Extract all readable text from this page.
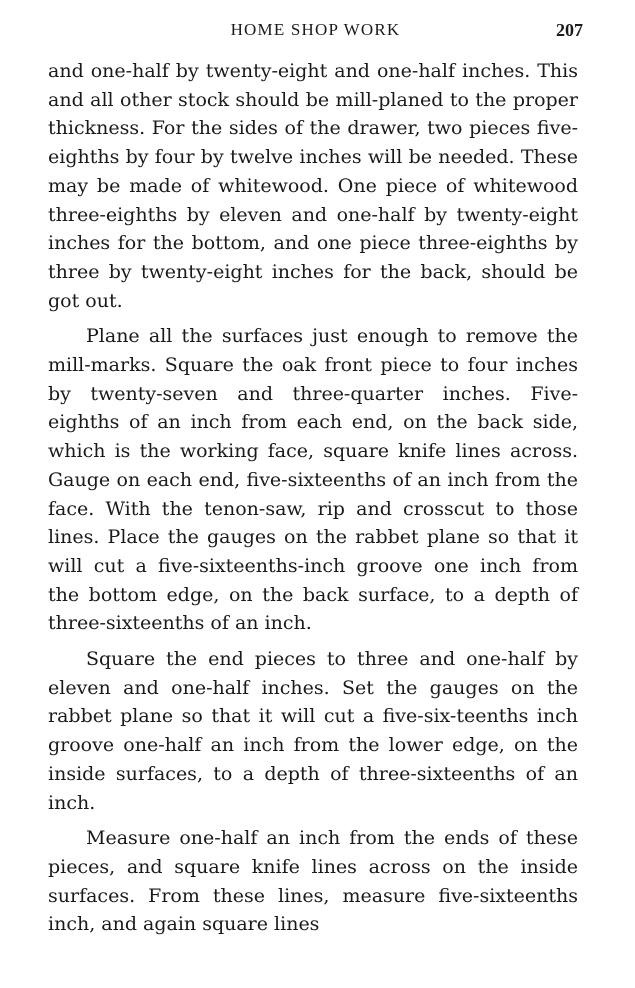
HOME SHOP WORK	207

and one-half by twenty-eight and one-half inches. This and all other stock should be mill-planed to the proper thickness. For the sides of the drawer, two pieces five-eighths by four by twelve inches will be needed. These may be made of whitewood. One piece of whitewood three-eighths by eleven and one-half by twenty-eight inches for the bottom, and one piece three-eighths by three by twenty-eight inches for the back, should be got out.

Plane all the surfaces just enough to remove the mill-marks. Square the oak front piece to four inches by twenty-seven and three-quarter inches. Five-eighths of an inch from each end, on the back side, which is the working face, square knife lines across. Gauge on each end, five-sixteenths of an inch from the face. With the tenon-saw, rip and crosscut to those lines. Place the gauges on the rabbet plane so that it will cut a five-sixteenths-inch groove one inch from the bottom edge, on the back surface, to a depth of three-sixteenths of an inch.

Square the end pieces to three and one-half by eleven and one-half inches. Set the gauges on the rabbet plane so that it will cut a five-six-teenths inch groove one-half an inch from the lower edge, on the inside surfaces, to a depth of three-sixteenths of an inch.

Measure one-half an inch from the ends of these pieces, and square knife lines across on the inside surfaces. From these lines, measure five-sixteenths inch, and again square lines
